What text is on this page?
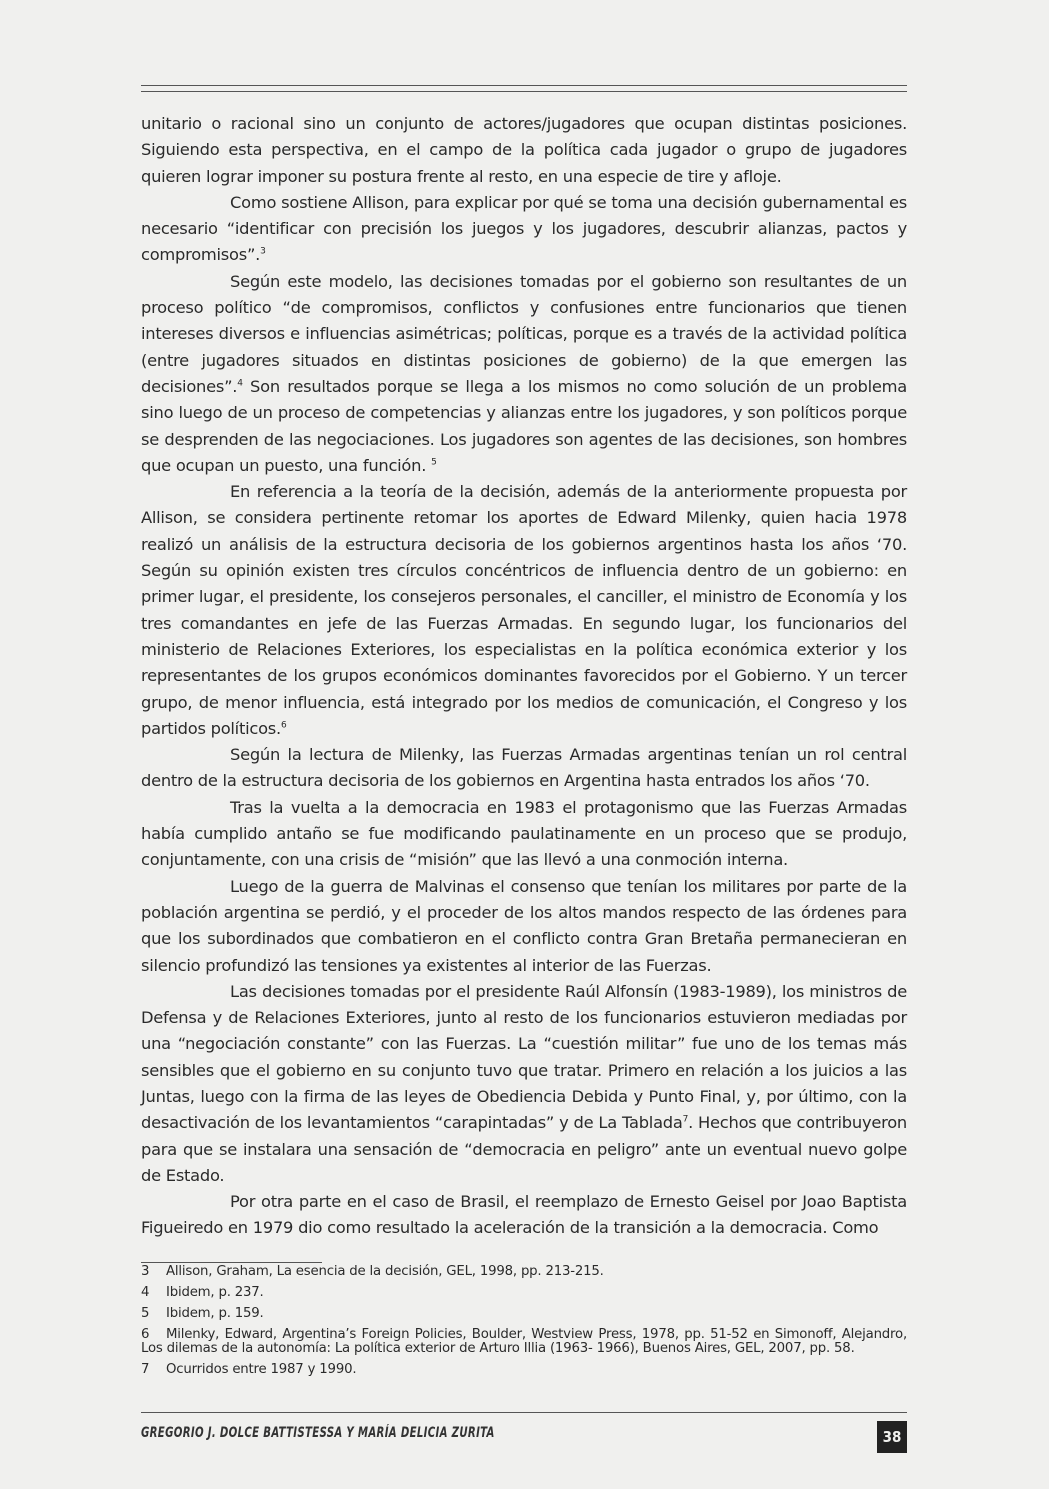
unitario o racional sino un conjunto de actores/jugadores que ocupan distintas posiciones. Siguiendo esta perspectiva, en el campo de la política cada jugador o grupo de jugadores quieren lograr imponer su postura frente al resto, en una especie de tire y afloje.

Como sostiene Allison, para explicar por qué se toma una decisión gubernamental es necesario “identificar con precisión los juegos y los jugadores, descubrir alianzas, pactos y compromisos”.$^3$

Según este modelo, las decisiones tomadas por el gobierno son resultantes de un proceso político “de compromisos, conflictos y confusiones entre funcionarios que tienen intereses diversos e influencias asimétricas; políticas, porque es a través de la actividad política (entre jugadores situados en distintas posiciones de gobierno) de la que emergen las decisiones”.$^4$ Son resultados porque se llega a los mismos no como solución de un problema sino luego de un proceso de competencias y alianzas entre los jugadores, y son políticos porque se desprenden de las negociaciones. Los jugadores son agentes de las decisiones, son hombres que ocupan un puesto, una función. $^5$

En referencia a la teoría de la decisión, además de la anteriormente propuesta por Allison, se considera pertinente retomar los aportes de Edward Milenky, quien hacia 1978 realizó un análisis de la estructura decisoria de los gobiernos argentinos hasta los años ‘70. Según su opinión existen tres círculos concéntricos de influencia dentro de un gobierno: en primer lugar, el presidente, los consejeros personales, el canciller, el ministro de Economía y los tres comandantes en jefe de las Fuerzas Armadas. En segundo lugar, los funcionarios del ministerio de Relaciones Exteriores, los especialistas en la política económica exterior y los representantes de los grupos económicos dominantes favorecidos por el Gobierno. Y un tercer grupo, de menor influencia, está integrado por los medios de comunicación, el Congreso y los partidos políticos.$^6$

Según la lectura de Milenky, las Fuerzas Armadas argentinas tenían un rol central dentro de la estructura decisoria de los gobiernos en Argentina hasta entrados los años ‘70.

Tras la vuelta a la democracia en 1983 el protagonismo que las Fuerzas Armadas había cumplido antaño se fue modificando paulatinamente en un proceso que se produjo, conjuntamente, con una crisis de “misión” que las llevó a una conmoción interna.

Luego de la guerra de Malvinas el consenso que tenían los militares por parte de la población argentina se perdió, y el proceder de los altos mandos respecto de las órdenes para que los subordinados que combatieron en el conflicto contra Gran Bretaña permanecieran en silencio profundizó las tensiones ya existentes al interior de las Fuerzas.

Las decisiones tomadas por el presidente Raúl Alfonsín (1983-1989), los ministros de Defensa y de Relaciones Exteriores, junto al resto de los funcionarios estuvieron mediadas por una “negociación constante” con las Fuerzas. La “cuestión militar” fue uno de los temas más sensibles que el gobierno en su conjunto tuvo que tratar. Primero en relación a los juicios a las Juntas, luego con la firma de las leyes de Obediencia Debida y Punto Final, y, por último, con la desactivación de los levantamientos “carapintadas” y de La Tablada$^7$. Hechos que contribuyeron para que se instalara una sensación de “democracia en peligro” ante un eventual nuevo golpe de Estado.

Por otra parte en el caso de Brasil, el reemplazo de Ernesto Geisel por Joao Baptista Figueiredo en 1979 dio como resultado la aceleración de la transición a la democracia. Como

3 Allison, Graham, La esencia de la decisión, GEL, 1998, pp. 213-215.
4 Ibidem, p. 237.
5 Ibidem, p. 159.
6 Milenky, Edward, Argentina’s Foreign Policies, Boulder, Westview Press, 1978, pp. 51-52 en Simonoff, Alejandro, Los dilemas de la autonomía: La política exterior de Arturo Illia (1963- 1966), Buenos Aires, GEL, 2007, pp. 58.
7 Ocurridos entre 1987 y 1990.
GREGORIO J. DOLCE BATTISTESSA Y MARÍA DELICIA ZURITA	38
